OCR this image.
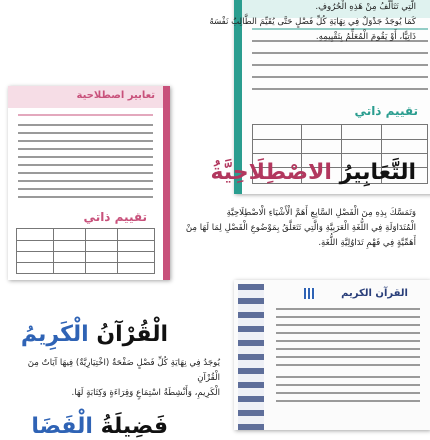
تقييم ذاتي
الَّتِي تَتَأَلَّفُ مِنْ هَذِهِ الْحُرُوفِ.
كَمَا يُوجَدُ جَدْوَلٌ فِي نِهَايَةِ كُلِّ فَصْلٍ حَتَّى يُقَيِّمَ الطَّالِبُ نَفْسَهُ
ذَاتِيًّا، أَوْ يَقُومَ الْمُعَلِّمُ بِتَقْيِيمِهِ.
تعابير اصطلاحية
تقييم ذاتي
التَّعَابِيرُ الاصْطِلَاحِيَّةُ
وَتَمَسَّكَ بِذِهِ مِنَ الْفَصْلِ السَّابِعِ أَهَمَّ الْأَشْيَاءِ الْاصْطِلَاحِيَّةِ
الْمُتَدَاوَلَةِ فِي اللُّغَةِ الْعَرَبِيَّةِ وَالَّتِي تَتَعَلَّقُ بِمَوْضُوعِ الْفَصْلِ لِمَا لَهَا مِنْ
أَهَمِّيَّةٍ فِي فَهْمِ تَدَاوُلِيَّةِ اللُّغَةِ.
القرآن الكريم
الْقُرْآنُ الْكَرِيمُ
يُوجَدُ فِي نِهَايَةِ كُلِّ فَصْلٍ صَفْحَةٌ (اخْتِيَارِيَّةٌ) فِيهَا آيَاتٌ مِنَ الْقُرْآنِ
الْكَرِيمِ، وَأَنْشِطَةُ اسْتِمَاعٍ وَقِرَاءَةٍ وَكِتَابَةٍ لَهَا.
فَضِيلَةُ الْفَضَا
